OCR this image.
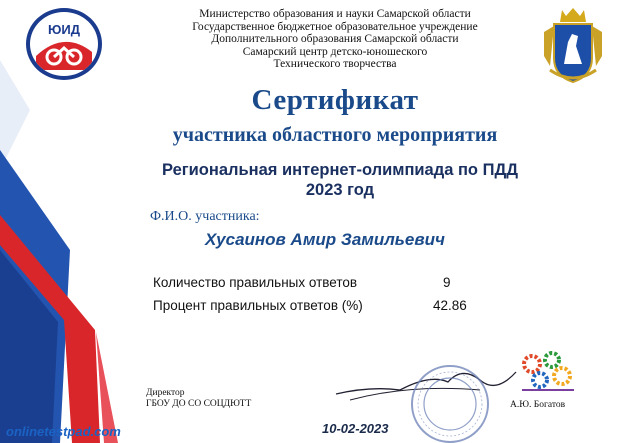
ЮИД
Министерство образования и науки Самарской области
Государственное бюджетное образовательное учреждение
Дополнительного образования Самарской области
Самарский центр детско-юношеского
Технического творчества
Сертификат
участника областного мероприятия
Региональная интернет-олимпиада по ПДД
2023 год
Ф.И.О. участника:
Хусаинов Амир Замильевич
Количество правильных ответов	9
Процент правильных ответов (%)	42.86
Директор
ГБОУ ДО СО СОЦДЮТТ	А.Ю. Богатов
10-02-2023
onlinetestpad.com
